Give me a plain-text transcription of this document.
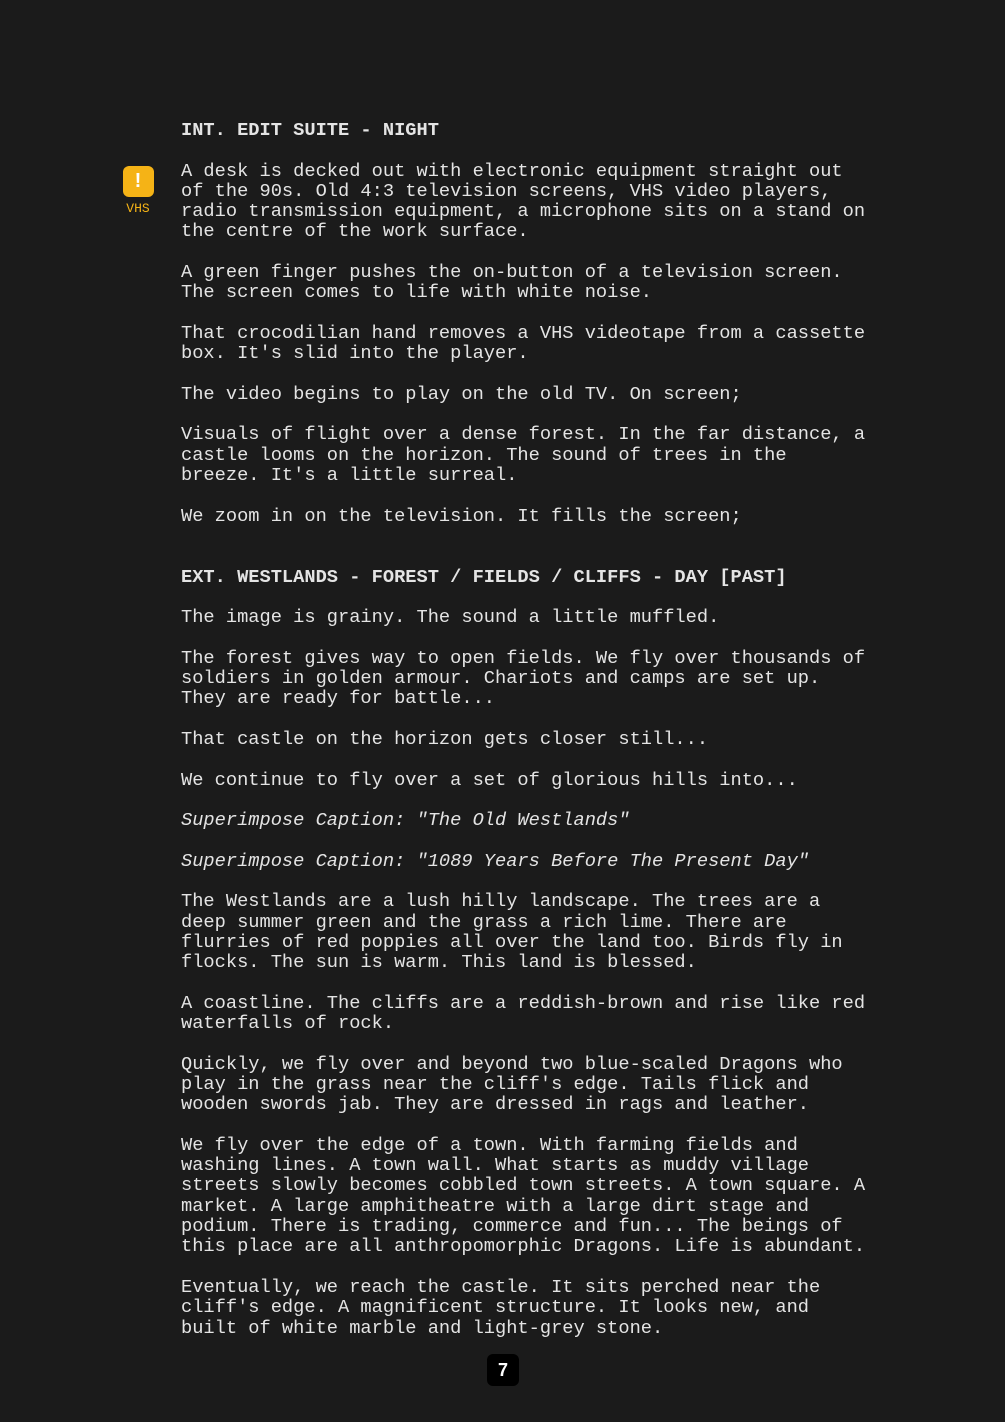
!
VHS
INT. EDIT SUITE - NIGHT
A desk is decked out with electronic equipment straight out
of the 90s. Old 4:3 television screens, VHS video players,
radio transmission equipment, a microphone sits on a stand on
the centre of the work surface.
A green finger pushes the on-button of a television screen.
The screen comes to life with white noise.
That crocodilian hand removes a VHS videotape from a cassette
box. It's slid into the player.
The video begins to play on the old TV. On screen;
Visuals of flight over a dense forest. In the far distance, a
castle looms on the horizon. The sound of trees in the
breeze. It's a little surreal.
We zoom in on the television. It fills the screen;
EXT. WESTLANDS - FOREST / FIELDS / CLIFFS - DAY [PAST]
The image is grainy. The sound a little muffled.
The forest gives way to open fields. We fly over thousands of
soldiers in golden armour. Chariots and camps are set up.
They are ready for battle...
That castle on the horizon gets closer still...
We continue to fly over a set of glorious hills into...
Superimpose Caption: "The Old Westlands"
Superimpose Caption: "1089 Years Before The Present Day"
The Westlands are a lush hilly landscape. The trees are a
deep summer green and the grass a rich lime. There are
flurries of red poppies all over the land too. Birds fly in
flocks. The sun is warm. This land is blessed.
A coastline. The cliffs are a reddish-brown and rise like red
waterfalls of rock.
Quickly, we fly over and beyond two blue-scaled Dragons who
play in the grass near the cliff's edge. Tails flick and
wooden swords jab. They are dressed in rags and leather.
We fly over the edge of a town. With farming fields and
washing lines. A town wall. What starts as muddy village
streets slowly becomes cobbled town streets. A town square. A
market. A large amphitheatre with a large dirt stage and
podium. There is trading, commerce and fun... The beings of
this place are all anthropomorphic Dragons. Life is abundant.
Eventually, we reach the castle. It sits perched near the
cliff's edge. A magnificent structure. It looks new, and
built of white marble and light-grey stone.
7
